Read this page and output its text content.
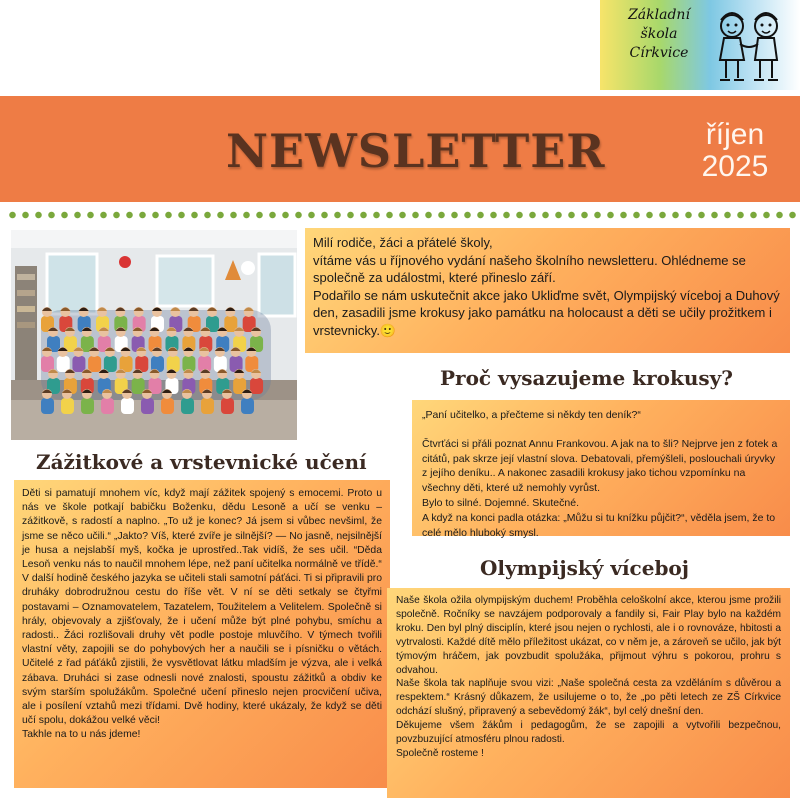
Základní
škola
Církvice
NEWSLETTER	říjen
2025

Milí rodiče, žáci a přátelé školy,
vítáme vás u říjnového vydání našeho školního newsletteru. Ohlédneme se společně za událostmi, které přineslo září.
Podařilo se nám uskutečnit akce jako Ukliďme svět, Olympijský víceboj a Duhový den, zasadili jsme krokusy jako památku na holocaust a děti se učily prožitkem i vrstevnicky.🙂

Proč vysazujeme krokusy?

„Paní učitelko, a přečteme si někdy ten deník?“

Čtvrťáci si přáli poznat Annu Frankovou. A jak na to šli? Nejprve jen z fotek a citátů, pak skrze její vlastní slova. Debatovali, přemýšleli, poslouchali úryvky z jejího deníku.. A nakonec zasadili krokusy jako tichou vzpomínku na všechny děti, které už nemohly vyrůst.
Bylo to silné. Dojemné. Skutečné.
A když na konci padla otázka: „Můžu si tu knížku půjčit?“, věděla jsem, že to celé mělo hluboký smysl.

Zážitkové a vrstevnické učení

Děti si pamatují mnohem víc, když mají zážitek spojený s emocemi. Proto u nás ve škole potkají babičku Boženku, dědu Lesoně a učí se venku – zážitkově, s radostí a naplno. „To už je konec? Já jsem si vůbec nevšiml, že jsme se něco učili.“ „Jakto? Víš, které zvíře je silnější? — No jasně, nejsilnější je husa a nejslabší myš, kočka je uprostřed..Tak vidíš, že ses učil. “Děda Lesoň venku nás to naučil mnohem lépe, než paní učitelka normálně ve třídě.“
V další hodině českého jazyka se učiteli stali samotní páťáci. Ti si připravili pro druháky dobrodružnou cestu do říše vět. V ní se děti setkaly se čtyřmi postavami – Oznamovatelem, Tazatelem, Toužitelem a Velitelem. Společně si hrály, objevovaly a zjišťovaly, že i učení může být plné pohybu, smíchu a radosti.. Žáci rozlišovali druhy vět podle postoje mluvčího. V týmech tvořili vlastní věty, zapojili se do pohybových her a naučili se i písničku o větách. Učitelé z řad páťáků zjistili, že vysvětlovat látku mladším je výzva, ale i velká zábava. Druháci si zase odnesli nové znalosti, spoustu zážitků a obdiv ke svým starším spolužákům. Společné učení přineslo nejen procvičení učiva, ale i posílení vztahů mezi třídami. Dvě hodiny, které ukázaly, že když se děti učí spolu, dokážou velké věci!
Takhle na to u nás jdeme!

Olympijský víceboj

Naše škola ožila olympijským duchem! Proběhla celoškolní akce, kterou jsme prožili společně. Ročníky se navzájem podporovaly a fandily si, Fair Play bylo na každém kroku. Den byl plný disciplín, které jsou nejen o rychlosti, ale i o rovnováze, hbitosti a vytrvalosti. Každé dítě mělo příležitost ukázat, co v něm je, a zároveň se učilo, jak být týmovým hráčem, jak povzbudit spolužáka, přijmout výhru s pokorou, prohru s odvahou.
Naše škola tak naplňuje svou vizi: „Naše společná cesta za vzděláním s důvěrou a respektem.“ Krásný důkazem, že usilujeme o to, že „po pěti letech ze ZŠ Církvice odchází slušný, připravený a sebevědomý žák“, byl celý dnešní den.
Děkujeme všem žákům i pedagogům, že se zapojili a vytvořili bezpečnou, povzbuzující atmosféru plnou radosti.
Společně rosteme !
